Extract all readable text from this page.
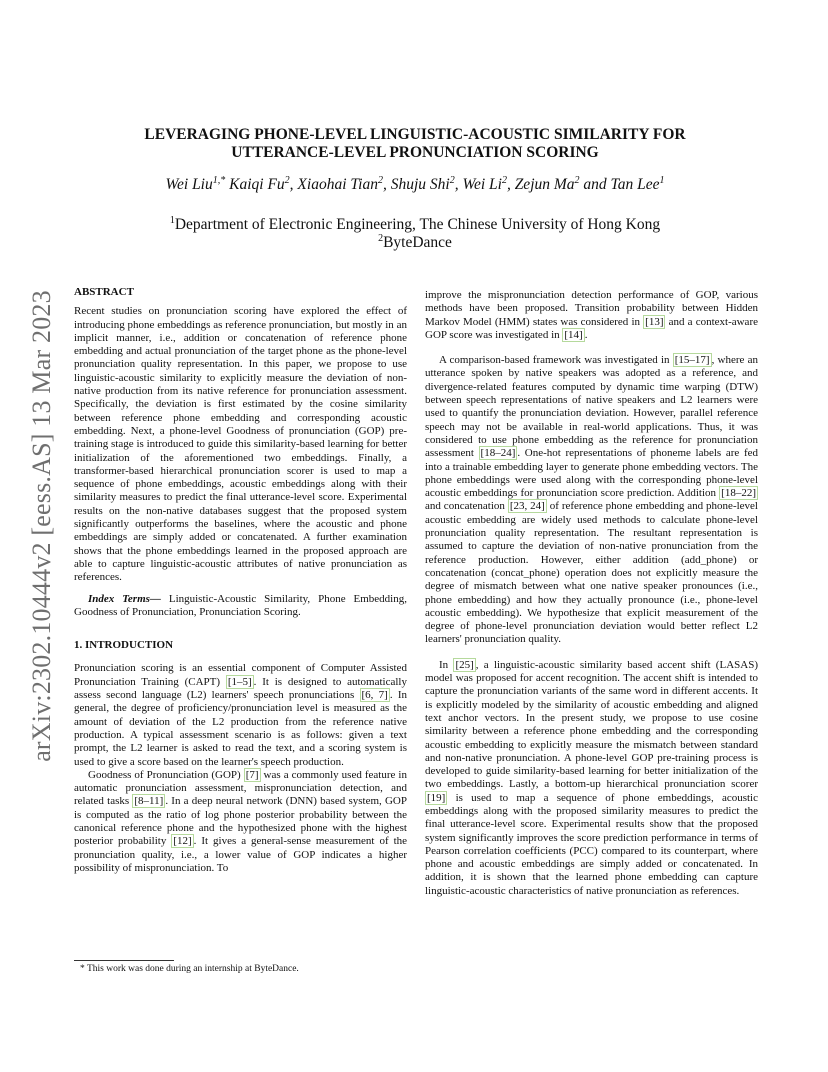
arXiv:2302.10444v2 [eess.AS] 13 Mar 2023
LEVERAGING PHONE-LEVEL LINGUISTIC-ACOUSTIC SIMILARITY FOR UTTERANCE-LEVEL PRONUNCIATION SCORING
Wei Liu$^{1,*}$ Kaiqi Fu$^2$, Xiaohai Tian$^2$, Shuju Shi$^2$, Wei Li$^2$, Zejun Ma$^2$ and Tan Lee$^1$
$^1$Department of Electronic Engineering, The Chinese University of Hong Kong
$^2$ByteDance

ABSTRACT

Recent studies on pronunciation scoring have explored the effect of introducing phone embeddings as reference pronunciation, but mostly in an implicit manner, i.e., addition or concatenation of reference phone embedding and actual pronunciation of the target phone as the phone-level pronunciation quality representation. In this paper, we propose to use linguistic-acoustic similarity to explicitly measure the deviation of non-native production from its native reference for pronunciation assessment. Specifically, the deviation is first estimated by the cosine similarity between reference phone embedding and corresponding acoustic embedding. Next, a phone-level Goodness of pronunciation (GOP) pre-training stage is introduced to guide this similarity-based learning for better initialization of the aforementioned two embeddings. Finally, a transformer-based hierarchical pronunciation scorer is used to map a sequence of phone embeddings, acoustic embeddings along with their similarity measures to predict the final utterance-level score. Experimental results on the non-native databases suggest that the proposed system significantly outperforms the baselines, where the acoustic and phone embeddings are simply added or concatenated. A further examination shows that the phone embeddings learned in the proposed approach are able to capture linguistic-acoustic attributes of native pronunciation as references.

Index Terms— Linguistic-Acoustic Similarity, Phone Embedding, Goodness of Pronunciation, Pronunciation Scoring.

1. INTRODUCTION

Pronunciation scoring is an essential component of Computer Assisted Pronunciation Training (CAPT) [1–5] . It is designed to automatically assess second language (L2) learners' speech pronunciations [6, 7] . In general, the degree of proficiency/pronunciation level is measured as the amount of deviation of the L2 production from the reference native production. A typical assessment scenario is as follows: given a text prompt, the L2 learner is asked to read the text, and a scoring system is used to give a score based on the learner's speech production.

Goodness of Pronunciation (GOP) [7] was a commonly used feature in automatic pronunciation assessment, mispronunciation detection, and related tasks [8–11] . In a deep neural network (DNN) based system, GOP is computed as the ratio of log phone posterior probability between the canonical reference phone and the hypothesized phone with the highest posterior probability [12] . It gives a general-sense measurement of the pronunciation quality, i.e., a lower value of GOP indicates a higher possibility of mispronunciation. To

* This work was done during an internship at ByteDance.

improve the mispronunciation detection performance of GOP, various methods have been proposed. Transition probability between Hidden Markov Model (HMM) states was considered in [13] and a context-aware GOP score was investigated in [14] .

A comparison-based framework was investigated in [15–17] , where an utterance spoken by native speakers was adopted as a reference, and divergence-related features computed by dynamic time warping (DTW) between speech representations of native speakers and L2 learners were used to quantify the pronunciation deviation. However, parallel reference speech may not be available in real-world applications. Thus, it was considered to use phone embedding as the reference for pronunciation assessment [18–24] . One-hot representations of phoneme labels are fed into a trainable embedding layer to generate phone embedding vectors. The phone embeddings were used along with the corresponding phone-level acoustic embeddings for pronunciation score prediction. Addition [18–22] and concatenation [23, 24] of reference phone embedding and phone-level acoustic embedding are widely used methods to calculate phone-level pronunciation quality representation. The resultant representation is assumed to capture the deviation of non-native pronunciation from the reference production. However, either addition (add_phone) or concatenation (concat_phone) operation does not explicitly measure the degree of mismatch between what one native speaker pronounces (i.e., phone embedding) and how they actually pronounce (i.e., phone-level acoustic embedding). We hypothesize that explicit measurement of the degree of phone-level pronunciation deviation would better reflect L2 learners' pronunciation quality.

In [25] , a linguistic-acoustic similarity based accent shift (LASAS) model was proposed for accent recognition. The accent shift is intended to capture the pronunciation variants of the same word in different accents. It is explicitly modeled by the similarity of acoustic embedding and aligned text anchor vectors. In the present study, we propose to use cosine similarity between a reference phone embedding and the corresponding acoustic embedding to explicitly measure the mismatch between standard and non-native pronunciation. A phone-level GOP pre-training process is developed to guide similarity-based learning for better initialization of the two embeddings. Lastly, a bottom-up hierarchical pronunciation scorer [19] is used to map a sequence of phone embeddings, acoustic embeddings along with the proposed similarity measures to predict the final utterance-level score. Experimental results show that the proposed system significantly improves the score prediction performance in terms of Pearson correlation coefficients (PCC) compared to its counterpart, where phone and acoustic embeddings are simply added or concatenated. In addition, it is shown that the learned phone embedding can capture linguistic-acoustic characteristics of native pronunciation as references.
